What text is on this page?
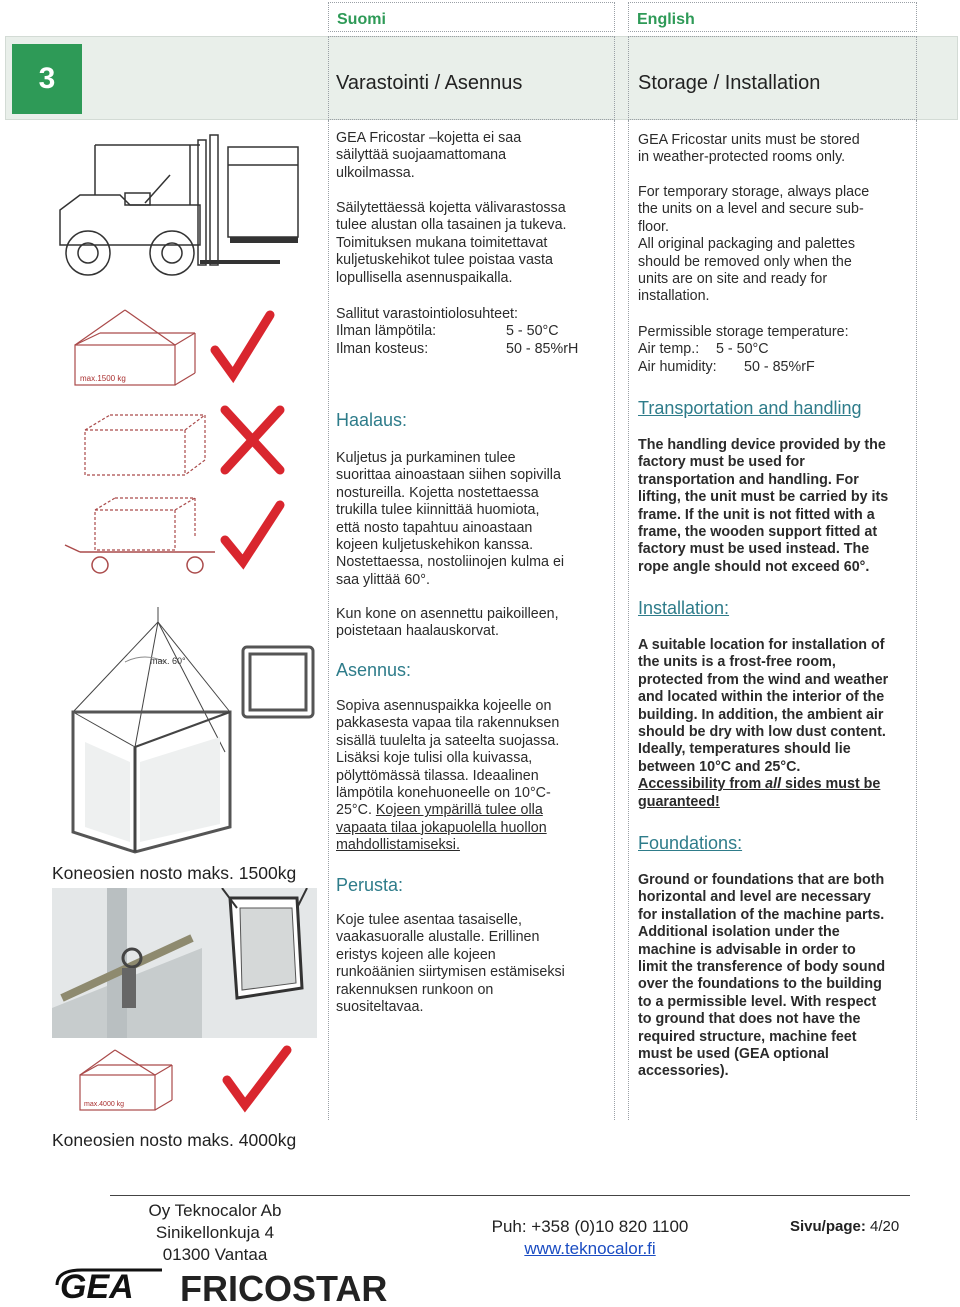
Suomi	English
3	Varastointi / Asennus	Storage / Installation
max.1500 kg
max. 60°
Koneosien nosto maks. 1500kg
max.4000 kg
Koneosien nosto maks. 4000kg
GEA Fricostar –kojetta ei saa
säilyttää suojaamattomana
ulkoilmassa.
Säilytettäessä kojetta välivarastossa
tulee alustan olla tasainen ja tukeva.
Toimituksen mukana toimitettavat
kuljetuskehikot tulee poistaa vasta
lopullisella asennuspaikalla.
Sallitut varastointiolosuhteet:
Ilman lämpötila:	5 - 50°C
Ilman kosteus:	50 - 85%rH
Haalaus:
Kuljetus ja purkaminen tulee
suorittaa ainoastaan siihen sopivilla
nostureilla. Kojetta nostettaessa
trukilla tulee kiinnittää huomiota,
että nosto tapahtuu ainoastaan
kojeen kuljetuskehikon kanssa.
Nostettaessa, nostoliinojen kulma ei
saa ylittää 60°.
Kun kone on asennettu paikoilleen,
poistetaan haalauskorvat.
Asennus:
Sopiva asennuspaikka kojeelle on
pakkasesta vapaa tila rakennuksen
sisällä tuulelta ja sateelta suojassa.
Lisäksi koje tulisi olla kuivassa,
pölyttömässä tilassa. Ideaalinen
lämpötila konehuoneelle on 10°C-
25°C. Kojeen ympärillä tulee olla
vapaata tilaa jokapuolella huollon
mahdollistamiseksi.
Perusta:
Koje tulee asentaa tasaiselle,
vaakasuoralle alustalle. Erillinen
eristys kojeen alle kojeen
runkoäänien siirtymisen estämiseksi
rakennuksen runkoon on
suositeltavaa.
GEA Fricostar units must be stored
in weather-protected rooms only.
For temporary storage, always place
the units on a level and secure sub-
floor.
All original packaging and palettes
should be removed only when the
units are on site and ready for
installation.
Permissible storage temperature:
Air temp.:	5 - 50°C
Air humidity:	50 - 85%rF
Transportation and handling
The handling device provided by the
factory must be used for
transportation and handling. For
lifting, the unit must be carried by its
frame. If the unit is not fitted with a
frame, the wooden support fitted at
factory must be used instead. The
rope angle should not exceed 60°.
Installation:
A suitable location for installation of
the units is a frost-free room,
protected from the wind and weather
and located within the interior of the
building. In addition, the ambient air
should be dry with low dust content.
Ideally, temperatures should lie
between 10°C and 25°C.
Accessibility from all sides must be
guaranteed!
Foundations:
Ground or foundations that are both
horizontal and level are necessary
for installation of the machine parts.
Additional isolation under the
machine is advisable in order to
limit the transference of body sound
over the foundations to the building
to a permissible level. With respect
to ground that does not have the
required structure, machine feet
must be used (GEA optional
accessories).
Oy Teknocalor Ab
Sinikellonkuja 4
01300 Vantaa
Puh: +358 (0)10 820 1100
www.teknocalor.fi
Sivu/page: 4/20
GEA FRICOSTAR
